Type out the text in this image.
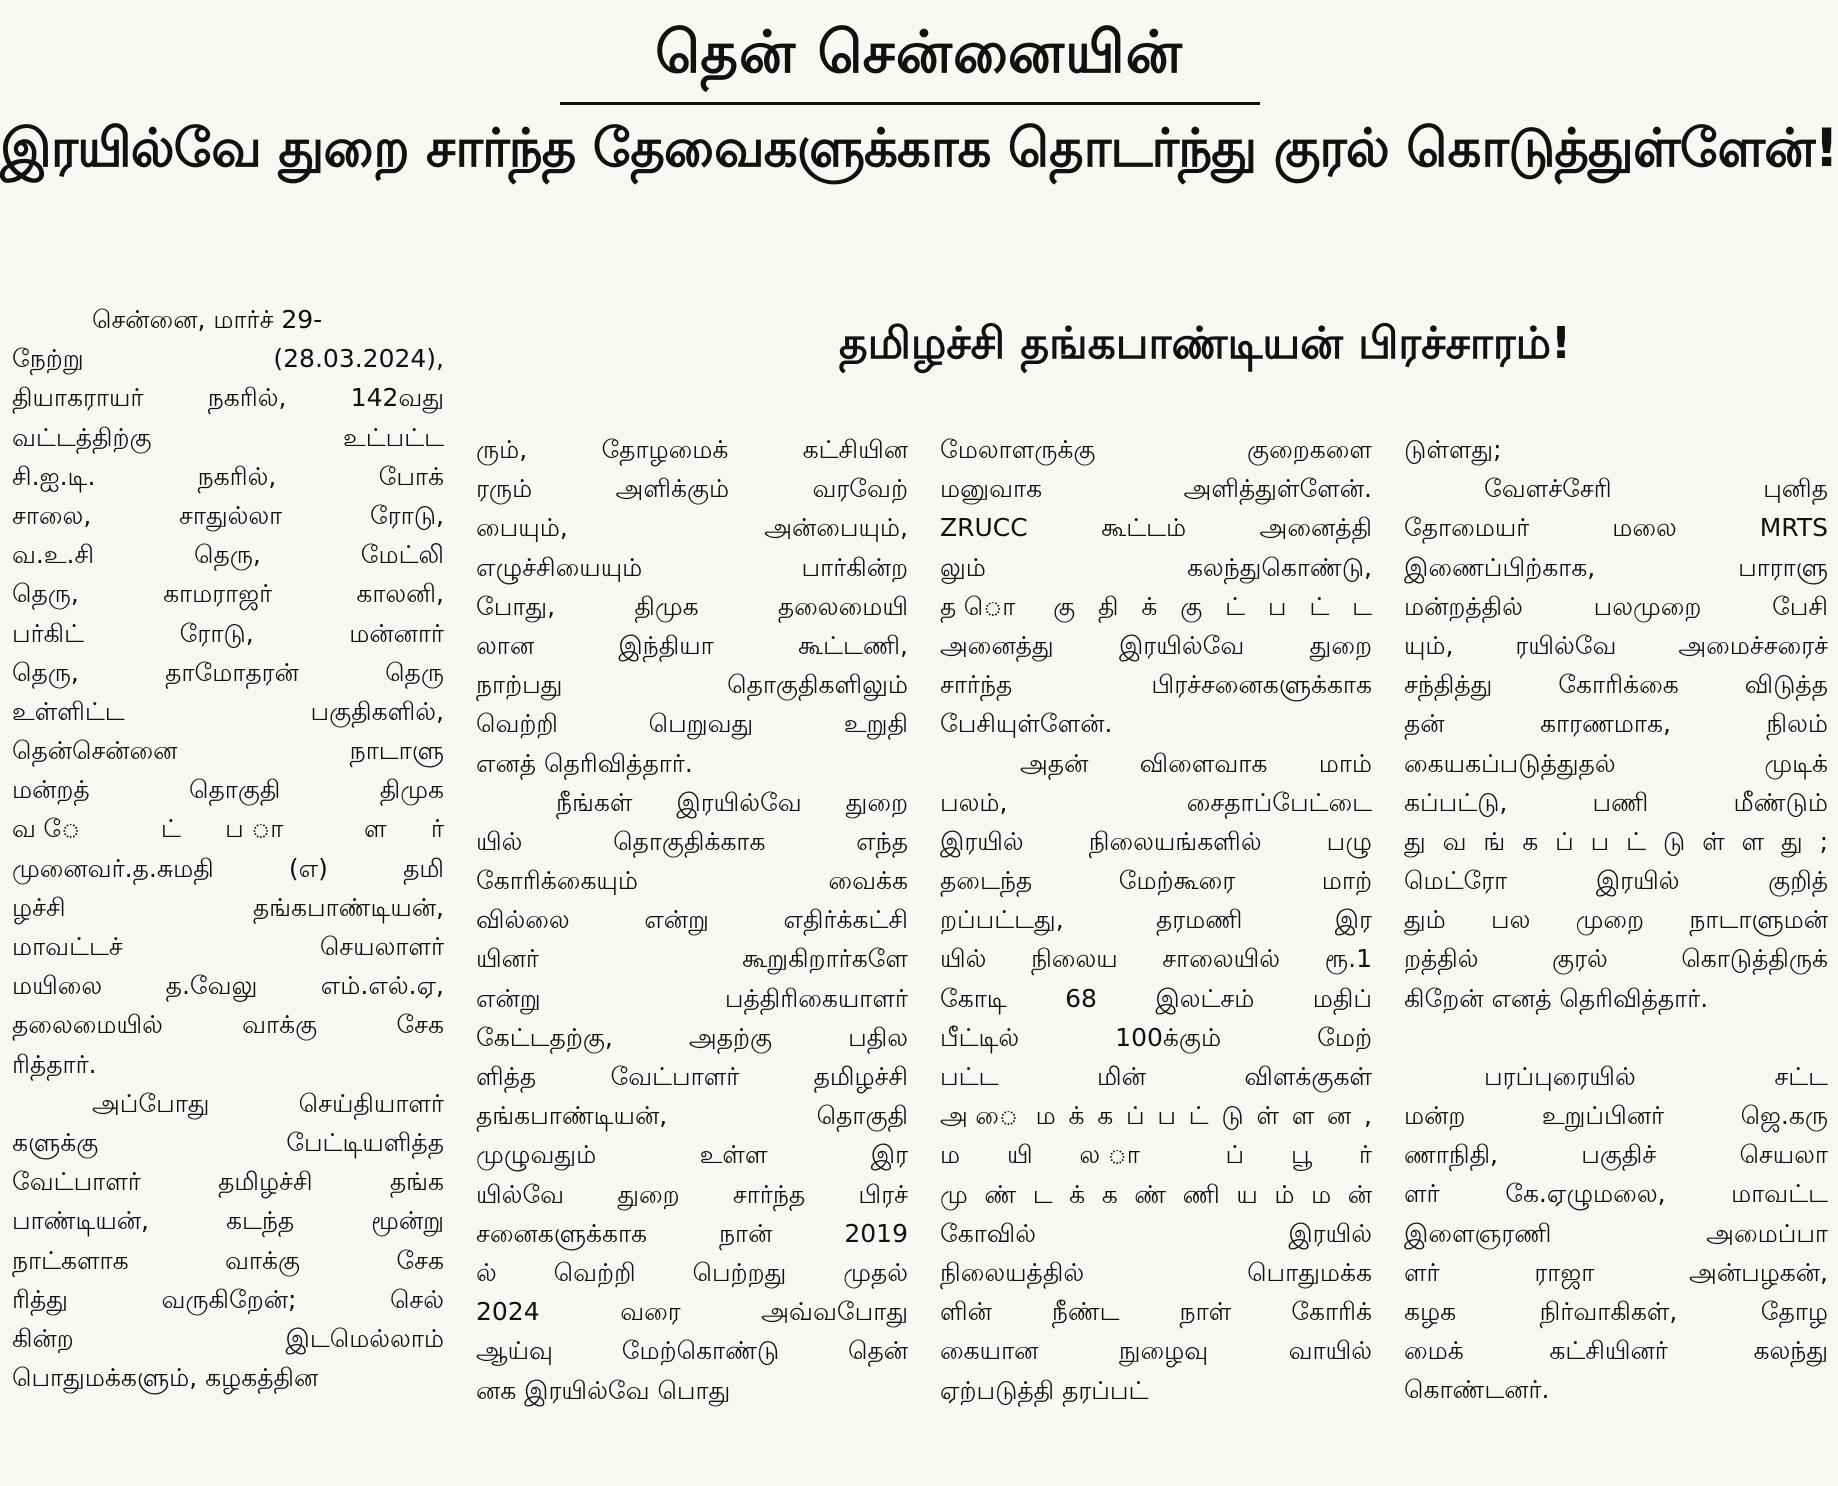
தென் சென்னையின்
இரயில்வே துறை சார்ந்த தேவைகளுக்காக தொடர்ந்து குரல் கொடுத்துள்ளேன்!
தமிழச்சி தங்கபாண்டியன் பிரச்சாரம்!
சென்னை, மார்ச் 29-
நேற்று (28.03.2024),
தியாகராயர் நகரில், 142வது
வட்டத்திற்கு உட்பட்ட
சி.ஐ.டி. நகரில், போக்
சாலை, சாதுல்லா ரோடு,
வ.உ.சி தெரு, மேட்லி
தெரு, காமராஜர் காலனி,
பர்கிட் ரோடு, மன்னார்
தெரு, தாமோதரன் தெரு
உள்ளிட்ட பகுதிகளில்,
தென்சென்னை நாடாளு
மன்றத் தொகுதி திமுக
வ ே ட் ப ா ள ர்
முனைவர்.த.சுமதி (எ) தமி
ழச்சி தங்கபாண்டியன்,
மாவட்டச் செயலாளர்
மயிலை த.வேலு எம்.எல்.ஏ,
தலைமையில் வாக்கு சேக
ரித்தார்.
அப்போது செய்தியாளர்
களுக்கு பேட்டியளித்த
வேட்பாளர் தமிழச்சி தங்க
பாண்டியன், கடந்த மூன்று
நாட்களாக வாக்கு சேக
ரித்து வருகிறேன்; செல்
கின்ற இடமெல்லாம்
பொதுமக்களும், கழகத்தின
ரும், தோழமைக் கட்சியின
ரரும் அளிக்கும் வரவேற்
பையும், அன்பையும்,
எழுச்சியையும் பார்கின்ற
போது, திமுக தலைமையி
லான இந்தியா கூட்டணி,
நாற்பது தொகுதிகளிலும்
வெற்றி பெறுவது உறுதி
எனத் தெரிவித்தார்.
நீங்கள் இரயில்வே துறை
யில் தொகுதிக்காக எந்த
கோரிக்கையும் வைக்க
வில்லை என்று எதிர்க்கட்சி
யினர் கூறுகிறார்களே
என்று பத்திரிகையாளர்
கேட்டதற்கு, அதற்கு பதில
ளித்த வேட்பாளர் தமிழச்சி
தங்கபாண்டியன், தொகுதி
முழுவதும் உள்ள இர
யில்வே துறை சார்ந்த பிரச்
சனைகளுக்காக நான் 2019
ல் வெற்றி பெற்றது முதல்
2024 வரை அவ்வபோது
ஆய்வு மேற்கொண்டு தென்
னக இரயில்வே பொது
மேலாளருக்கு குறைகளை
மனுவாக அளித்துள்ளேன்.
ZRUCC கூட்டம் அனைத்தி
லும் கலந்துகொண்டு,
த ொ கு தி க் கு ட் ப ட் ட
அனைத்து இரயில்வே துறை
சார்ந்த பிரச்சனைகளுக்காக
பேசியுள்ளேன்.
அதன் விளைவாக மாம்
பலம், சைதாப்பேட்டை
இரயில் நிலையங்களில் பழு
தடைந்த மேற்கூரை மாற்
றப்பட்டது, தரமணி இர
யில் நிலைய சாலையில் ரூ.1
கோடி 68 இலட்சம் மதிப்
பீட்டில் 100க்கும் மேற்
பட்ட மின் விளக்குகள்
அ ை ம க் க ப் ப ட் டு ள் ள ன ,
ம யி ல ா ப் பூ ர்
மு ண் ட க் க ண் ணி ய ம் ம ன்
கோவில் இரயில்
நிலையத்தில் பொதுமக்க
ளின் நீண்ட நாள் கோரிக்
கையான நுழைவு வாயில்
ஏற்படுத்தி தரப்பட்
டுள்ளது;
வேளச்சேரி புனித
தோமையர் மலை MRTS
இணைப்பிற்காக, பாராளு
மன்றத்தில் பலமுறை பேசி
யும், ரயில்வே அமைச்சரைச்
சந்தித்து கோரிக்கை விடுத்த
தன் காரணமாக, நிலம்
கையகப்படுத்துதல் முடிக்
கப்பட்டு, பணி மீண்டும்
து வ ங் க ப் ப ட் டு ள் ள து ;
மெட்ரோ இரயில் குறித்
தும் பல முறை நாடாளுமன்
றத்தில் குரல் கொடுத்திருக்
கிறேன் எனத் தெரிவித்தார்.
பரப்புரையில் சட்ட
மன்ற உறுப்பினர் ஜெ.கரு
ணாநிதி, பகுதிச் செயலா
ளர் கே.ஏழுமலை, மாவட்ட
இளைஞரணி அமைப்பா
ளர் ராஜா அன்பழகன்,
கழக நிர்வாகிகள், தோழ
மைக் கட்சியினர் கலந்து
கொண்டனர்.
